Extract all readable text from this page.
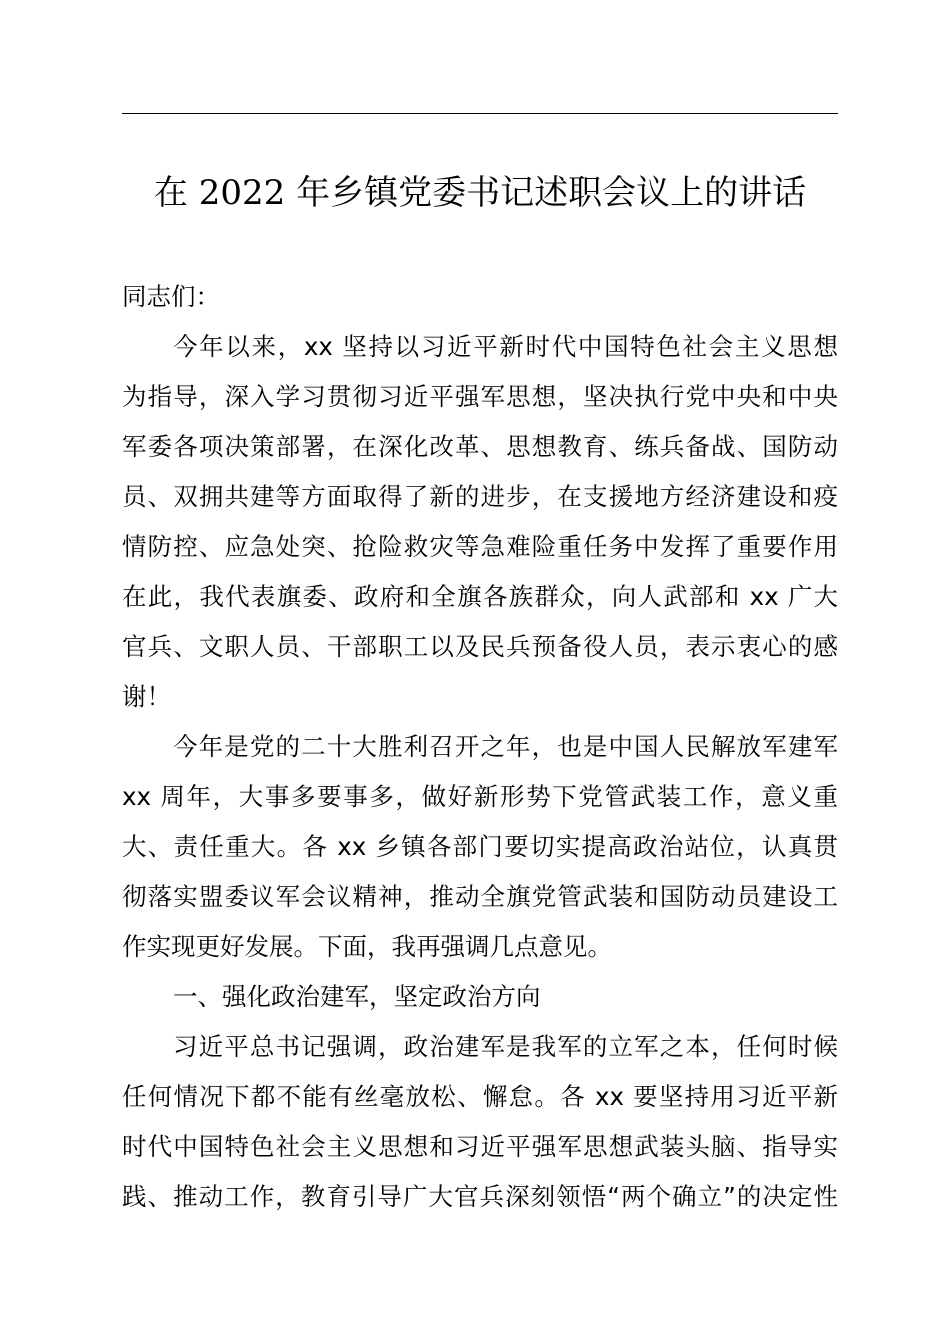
在 2022 年乡镇党委书记述职会议上的讲话
同志们：
今年以来，xx 坚持以习近平新时代中国特色社会主义思想
为指导，深入学习贯彻习近平强军思想，坚决执行党中央和中央
军委各项决策部署，在深化改革、思想教育、练兵备战、国防动
员、双拥共建等方面取得了新的进步，在支援地方经济建设和疫
情防控、应急处突、抢险救灾等急难险重任务中发挥了重要作用
在此，我代表旗委、政府和全旗各族群众，向人武部和 xx 广大
官兵、文职人员、干部职工以及民兵预备役人员，表示衷心的感
谢！
今年是党的二十大胜利召开之年，也是中国人民解放军建军
xx 周年，大事多要事多，做好新形势下党管武装工作，意义重
大、责任重大。各 xx 乡镇各部门要切实提高政治站位，认真贯
彻落实盟委议军会议精神，推动全旗党管武装和国防动员建设工
作实现更好发展。下面，我再强调几点意见。
一、强化政治建军，坚定政治方向
习近平总书记强调，政治建军是我军的立军之本，任何时候
任何情况下都不能有丝毫放松、懈怠。各 xx 要坚持用习近平新
时代中国特色社会主义思想和习近平强军思想武装头脑、指导实
践、推动工作，教育引导广大官兵深刻领悟“两个确立”的决定性
